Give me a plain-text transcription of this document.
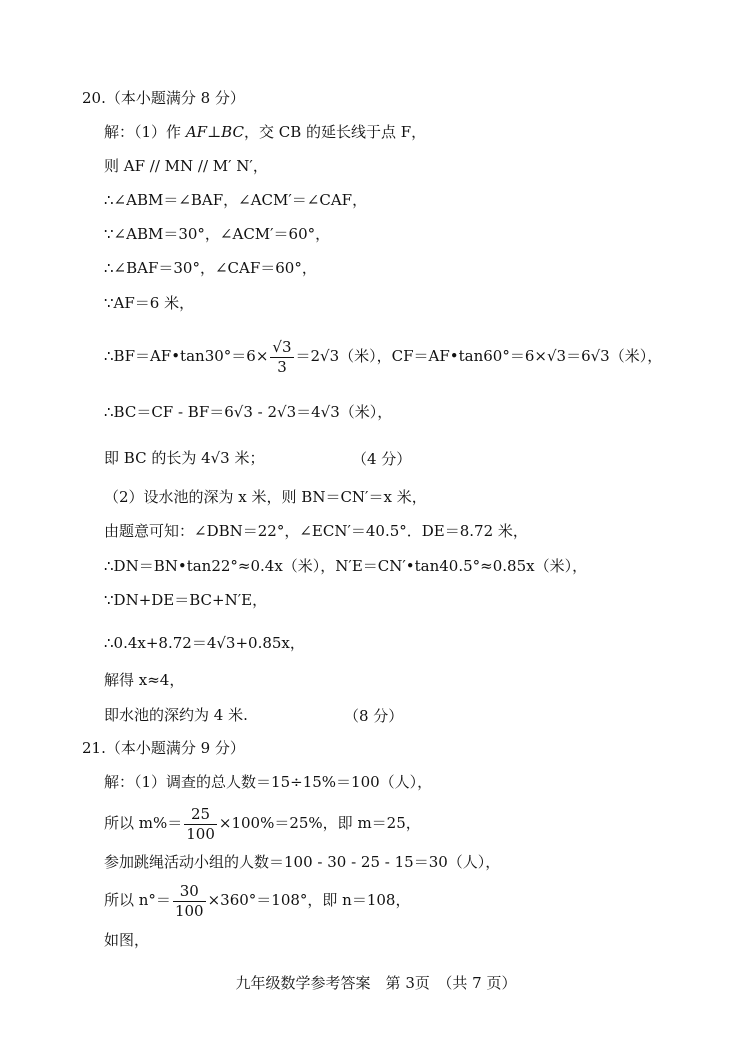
20.（本小题满分 8 分）

解：（1）作 AF⊥BC，交 CB 的延长线于点 F，

则 AF // MN // M′ N′，

∴∠ABM＝∠BAF，∠ACM′＝∠CAF，

∵∠ABM＝30°，∠ACM′＝60°，

∴∠BAF＝30°，∠CAF＝60°，

∵AF＝6 米，

∴BF＝AF•tan30°＝6× $\frac{√3}{3} =2√3$（米），CF＝AF•tan60°＝6×√3＝6√3（米），

∴BC＝CF - BF＝6√3 - 2√3＝4√3（米），

即 BC 的长为 4√3 米；	（4 分）

（2）设水池的深为 x 米，则 BN＝CN′＝x 米，

由题意可知：∠DBN＝22°，∠ECN′＝40.5°．DE＝8.72 米，

∴DN＝BN•tan22°≈0.4x（米），N′E＝CN′•tan40.5°≈0.85x（米），

∵DN+DE＝BC+N′E，

∴0.4x+8.72＝4√3+0.85x，

解得 x≈4，

即水池的深约为 4 米.	（8 分）

21.（本小题满分 9 分）

解：（1）调查的总人数＝15÷15%＝100（人），

所以 $m\%= \frac{25}{100} \times 100\%=25\%$，即 m＝25，

参加跳绳活动小组的人数＝100 - 30 - 25 - 15＝30（人），

所以 $n^\circ= \frac{30}{100} \times 360^\circ=108^\circ$，即 n＝108，

如图，

九年级数学参考答案　第 3页　（共 7 页）
